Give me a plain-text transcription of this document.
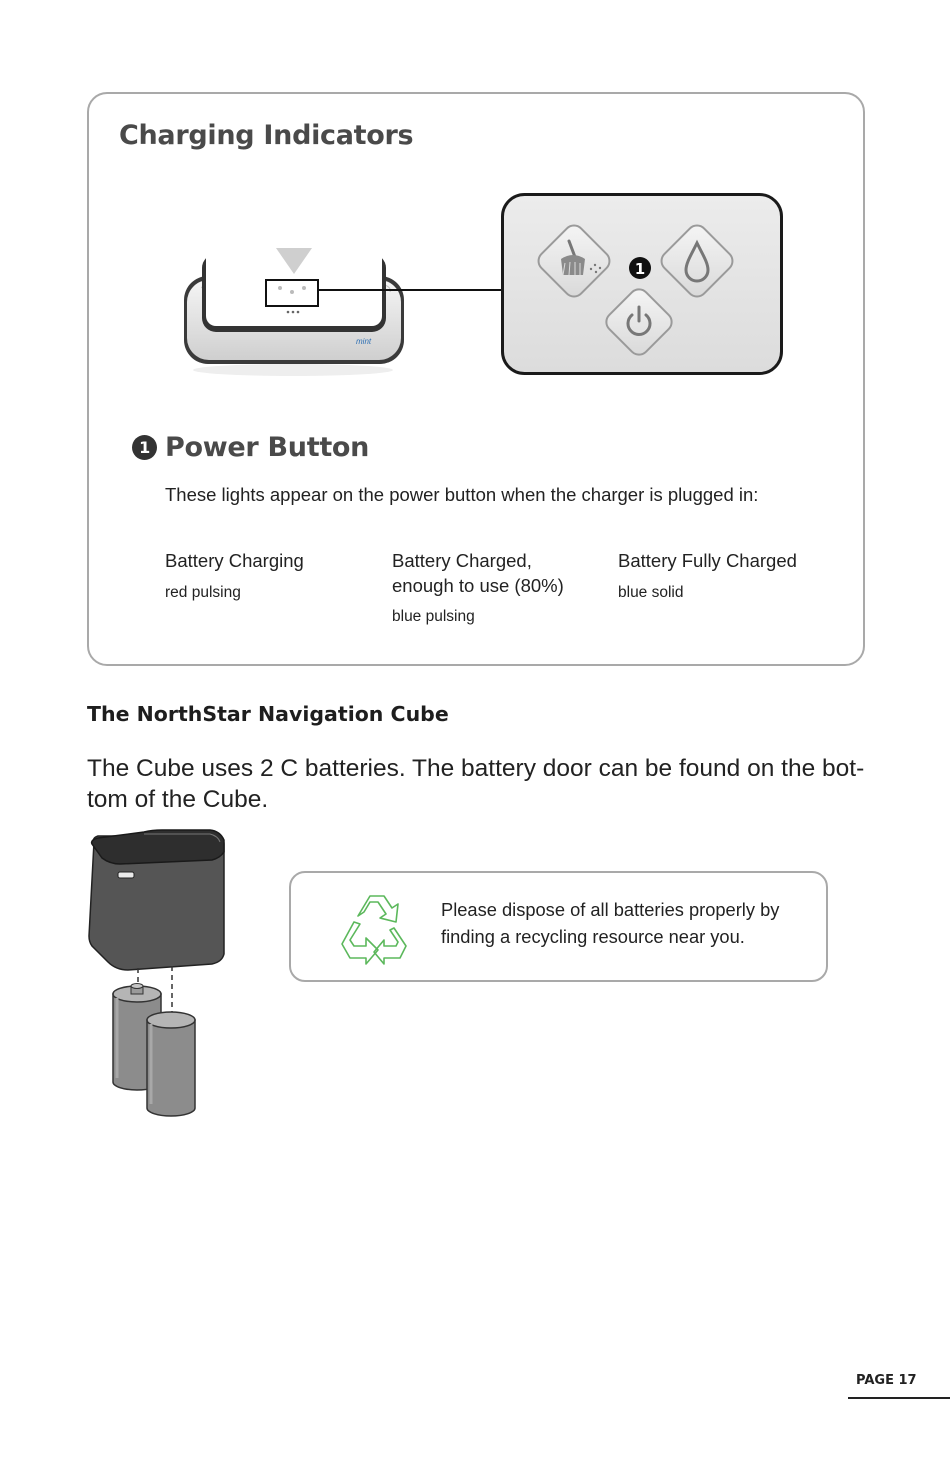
Charging Indicators
mint
1
1 Power Button
These lights appear on the power button when the charger is plugged in:
Battery Charging
red pulsing
Battery Charged,
enough to use (80%)
blue pulsing
Battery Fully Charged
blue solid
The NorthStar Navigation Cube
The Cube uses 2 C batteries. The battery door can be found on the bot-tom of the Cube.
Please dispose of all batteries properly by finding a recycling resource near you.
PAGE 17
